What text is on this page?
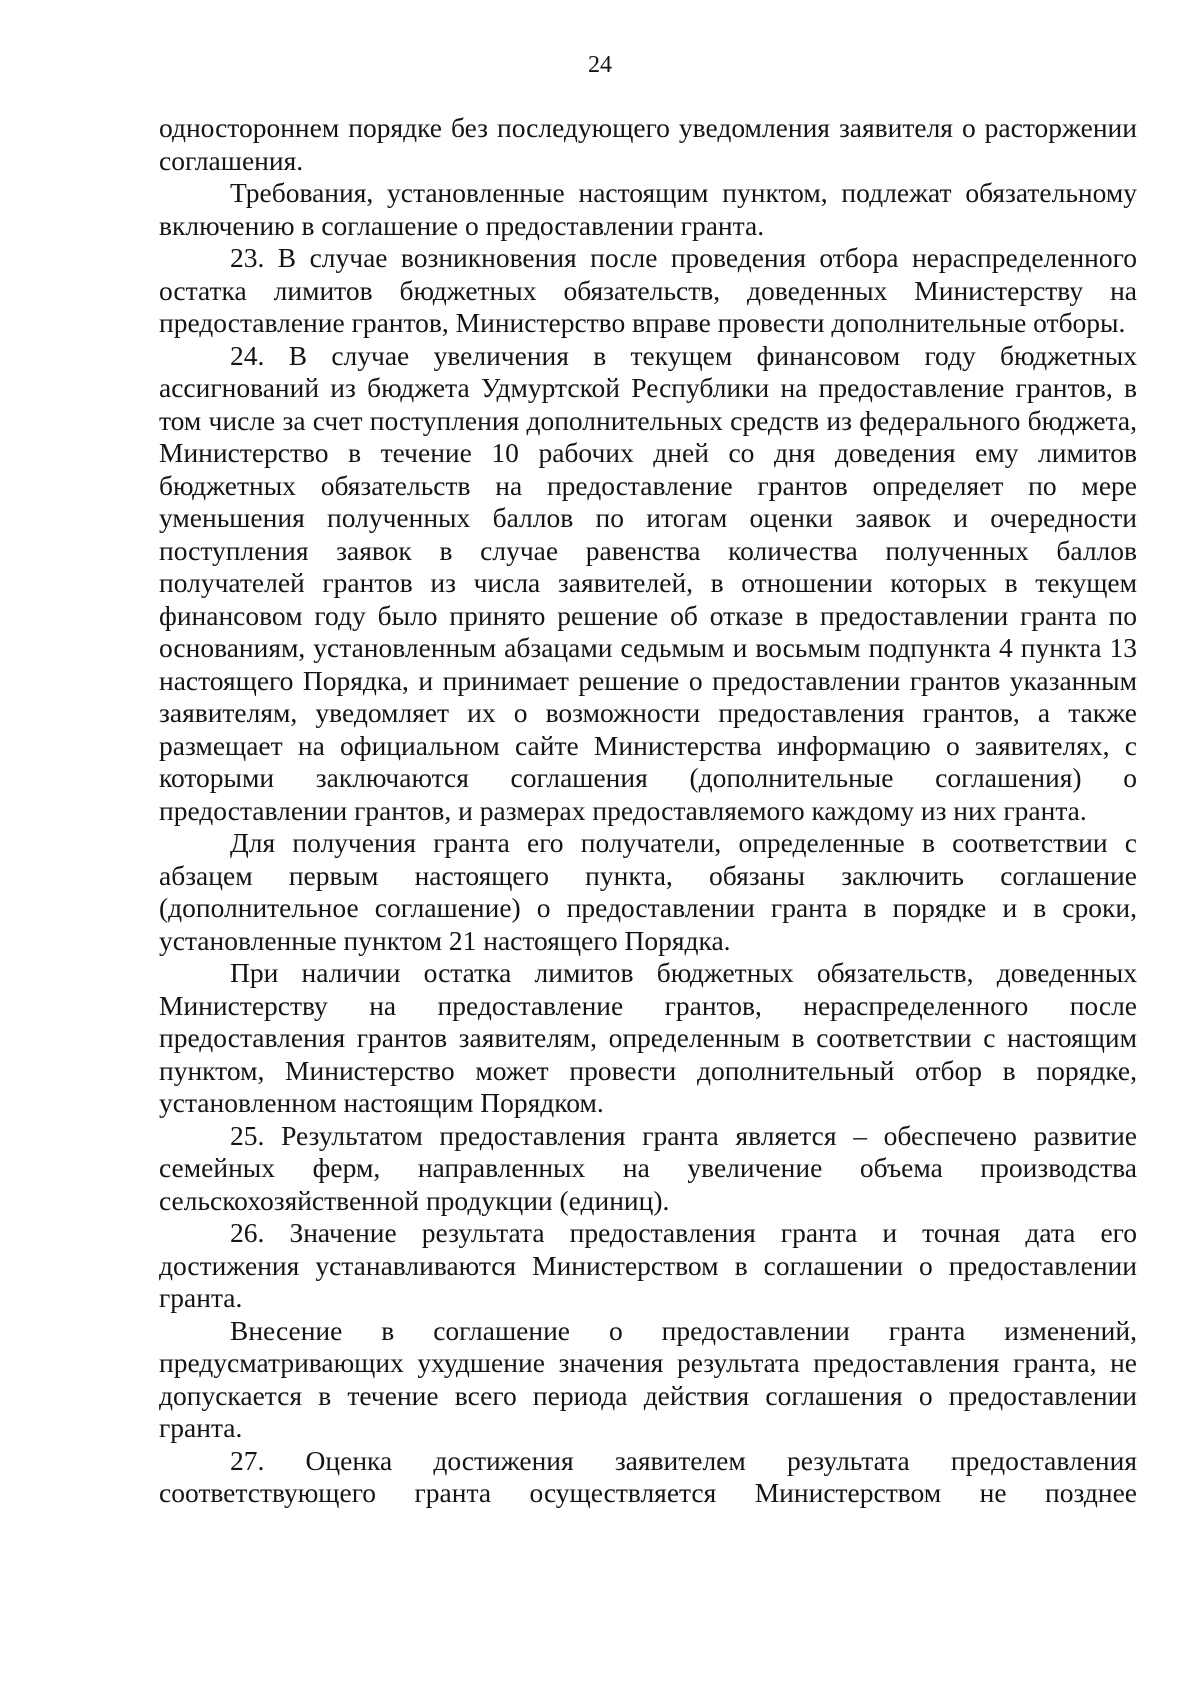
24

одностороннем порядке без последующего уведомления заявителя о расторжении соглашения.

Требования, установленные настоящим пунктом, подлежат обязательному включению в соглашение о предоставлении гранта.

23. В случае возникновения после проведения отбора нераспределенного остатка лимитов бюджетных обязательств, доведенных Министерству на предоставление грантов, Министерство вправе провести дополнительные отборы.

24. В случае увеличения в текущем финансовом году бюджетных ассигнований из бюджета Удмуртской Республики на предоставление грантов, в том числе за счет поступления дополнительных средств из федерального бюджета, Министерство в течение 10 рабочих дней со дня доведения ему лимитов бюджетных обязательств на предоставление грантов определяет по мере уменьшения полученных баллов по итогам оценки заявок и очередности поступления заявок в случае равенства количества полученных баллов получателей грантов из числа заявителей, в отношении которых в текущем финансовом году было принято решение об отказе в предоставлении гранта по основаниям, установленным абзацами седьмым и восьмым подпункта 4 пункта 13 настоящего Порядка, и принимает решение о предоставлении грантов указанным заявителям, уведомляет их о возможности предоставления грантов, а также размещает на официальном сайте Министерства информацию о заявителях, с которыми заключаются соглашения (дополнительные соглашения) о предоставлении грантов, и размерах предоставляемого каждому из них гранта.

Для получения гранта его получатели, определенные в соответствии с абзацем первым настоящего пункта, обязаны заключить соглашение (дополнительное соглашение) о предоставлении гранта в порядке и в сроки, установленные пунктом 21 настоящего Порядка.

При наличии остатка лимитов бюджетных обязательств, доведенных Министерству на предоставление грантов, нераспределенного после предоставления грантов заявителям, определенным в соответствии с настоящим пунктом, Министерство может провести дополнительный отбор в порядке, установленном настоящим Порядком.

25. Результатом предоставления гранта является – обеспечено развитие семейных ферм, направленных на увеличение объема производства сельскохозяйственной продукции (единиц).

26. Значение результата предоставления гранта и точная дата его достижения устанавливаются Министерством в соглашении о предоставлении гранта.

Внесение в соглашение о предоставлении гранта изменений, предусматривающих ухудшение значения результата предоставления гранта, не допускается в течение всего периода действия соглашения о предоставлении гранта.

27. Оценка достижения заявителем результата предоставления соответствующего гранта осуществляется Министерством не позднее
